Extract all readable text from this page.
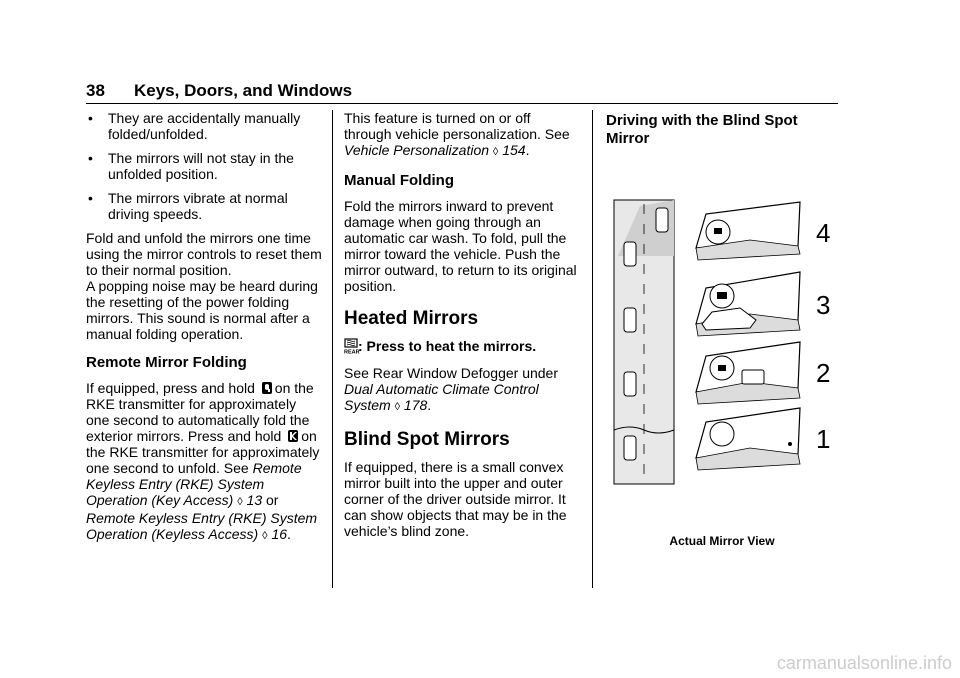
38 Keys, Doors, and Windows
• They are accidentally manually folded/unfolded.
• The mirrors will not stay in the unfolded position.
• The mirrors vibrate at normal driving speeds.

Fold and unfold the mirrors one time using the mirror controls to reset them to their normal position.

A popping noise may be heard during the resetting of the power folding mirrors. This sound is normal after a manual folding operation.

Remote Mirror Folding

If equipped, press and hold on the RKE transmitter for approximately one second to automatically fold the exterior mirrors. Press and hold on the RKE transmitter for approximately one second to unfold. See Remote Keyless Entry (RKE) System Operation (Key Access) ◊ 13 or Remote Keyless Entry (RKE) System Operation (Keyless Access) ◊ 16.

This feature is turned on or off through vehicle personalization. See Vehicle Personalization ◊ 154.

Manual Folding

Fold the mirrors inward to prevent damage when going through an automatic car wash. To fold, pull the mirror toward the vehicle. Push the mirror outward, to return to its original position.

Heated Mirrors

REAR
: Press to heat the mirrors.

See Rear Window Defogger under Dual Automatic Climate Control System ◊ 178.

Blind Spot Mirrors

If equipped, there is a small convex mirror built into the upper and outer corner of the driver outside mirror. It can show objects that may be in the vehicle’s blind zone.

Driving with the Blind Spot Mirror
4
3
2
1
Actual Mirror View
carmanualsonline.info
